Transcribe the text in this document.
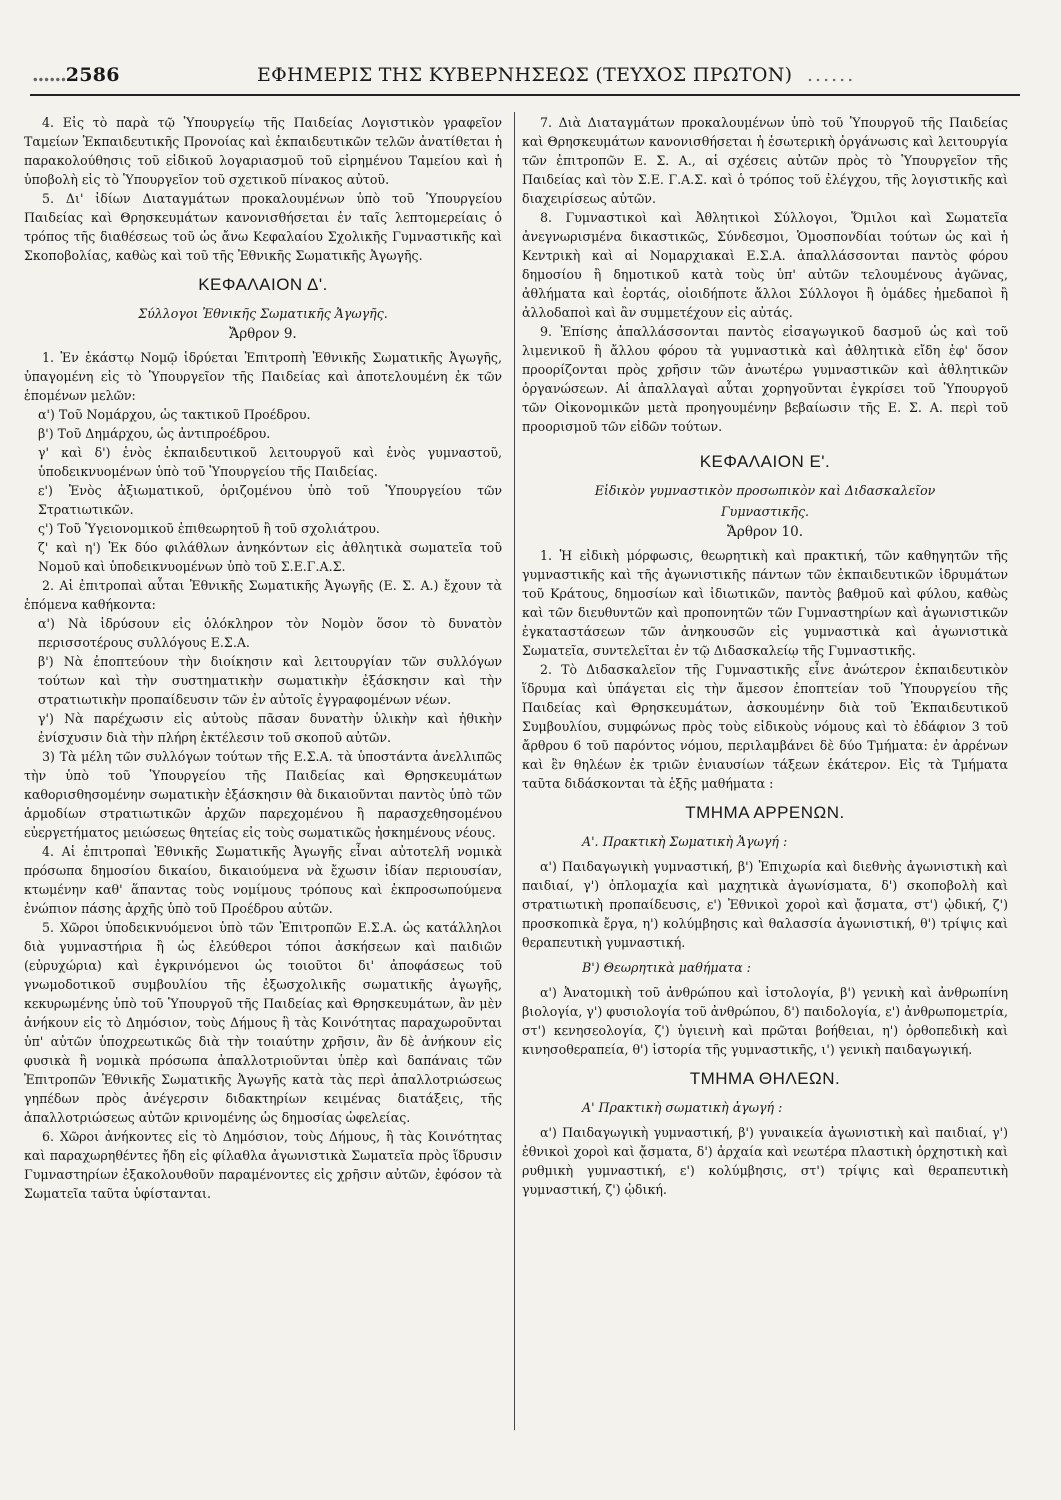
...... 2586	ΕΦΗΜΕΡΙΣ ΤΗΣ ΚΥΒΕΡΝΗΣΕΩΣ (ΤΕΥΧΟΣ ΠΡΩΤΟΝ) ......

4. Εἰς τὸ παρὰ τῷ Ὑπουργείῳ τῆς Παιδείας Λογιστικὸν γραφεῖον Ταμείων Ἐκπαιδευτικῆς Προνοίας καὶ ἐκπαιδευτικῶν τελῶν ἀνατίθεται ἡ παρακολούθησις τοῦ εἰδικοῦ λογαριασμοῦ τοῦ εἰρημένου Ταμείου καὶ ἡ ὑποβολὴ εἰς τὸ Ὑπουργεῖον τοῦ σχετικοῦ πίνακος αὐτοῦ.

5. Δι' ἰδίων Διαταγμάτων προκαλουμένων ὑπὸ τοῦ Ὑπουργείου Παιδείας καὶ Θρησκευμάτων κανονισθήσεται ἐν ταῖς λεπτομερείαις ὁ τρόπος τῆς διαθέσεως τοῦ ὡς ἄνω Κεφαλαίου Σχολικῆς Γυμναστικῆς καὶ Σκοποβολίας, καθὼς καὶ τοῦ τῆς Ἐθνικῆς Σωματικῆς Ἀγωγῆς.

ΚΕΦΑΛΑΙΟΝ Δ'.

Σύλλογοι Ἐθνικῆς Σωματικῆς Ἀγωγῆς.

Ἄρθρον 9.

1. Ἐν ἑκάστῳ Νομῷ ἱδρύεται Ἐπιτροπὴ Ἐθνικῆς Σωματικῆς Ἀγωγῆς, ὑπαγομένη εἰς τὸ Ὑπουργεῖον τῆς Παιδείας καὶ ἀποτελουμένη ἐκ τῶν ἑπομένων μελῶν:

α') Τοῦ Νομάρχου, ὡς τακτικοῦ Προέδρου.

β') Τοῦ Δημάρχου, ὡς ἀντιπροέδρου.

γ' καὶ δ') ἑνὸς ἐκπαιδευτικοῦ λειτουργοῦ καὶ ἑνὸς γυμναστοῦ, ὑποδεικνυομένων ὑπὸ τοῦ Ὑπουργείου τῆς Παιδείας.

ε') Ἑνὸς ἀξιωματικοῦ, ὁριζομένου ὑπὸ τοῦ Ὑπουργείου τῶν Στρατιωτικῶν.

ς') Τοῦ Ὑγειονομικοῦ ἐπιθεωρητοῦ ἢ τοῦ σχολιάτρου.

ζ' καὶ η') Ἐκ δύο φιλάθλων ἀνηκόντων εἰς ἀθλητικὰ σωματεῖα τοῦ Νομοῦ καὶ ὑποδεικνυομένων ὑπὸ τοῦ Σ.Ε.Γ.Α.Σ.

2. Αἱ ἐπιτροπαὶ αὗται Ἐθνικῆς Σωματικῆς Ἀγωγῆς (Ε. Σ. Α.) ἔχουν τὰ ἑπόμενα καθήκοντα:

α') Νὰ ἱδρύσουν εἰς ὁλόκληρον τὸν Νομὸν ὅσον τὸ δυνατὸν περισσοτέρους συλλόγους Ε.Σ.Α.

β') Νὰ ἐποπτεύουν τὴν διοίκησιν καὶ λειτουργίαν τῶν συλλόγων τούτων καὶ τὴν συστηματικὴν σωματικὴν ἐξάσκησιν καὶ τὴν στρατιωτικὴν προπαίδευσιν τῶν ἐν αὐτοῖς ἐγγραφομένων νέων.

γ') Νὰ παρέχωσιν εἰς αὐτοὺς πᾶσαν δυνατὴν ὑλικὴν καὶ ἠθικὴν ἐνίσχυσιν διὰ τὴν πλήρη ἐκτέλεσιν τοῦ σκοποῦ αὐτῶν.

3) Τὰ μέλη τῶν συλλόγων τούτων τῆς Ε.Σ.Α. τὰ ὑποστάντα ἀνελλιπῶς τὴν ὑπὸ τοῦ Ὑπουργείου τῆς Παιδείας καὶ Θρησκευμάτων καθορισθησομένην σωματικὴν ἐξάσκησιν θὰ δικαιοῦνται παντὸς ὑπὸ τῶν ἁρμοδίων στρατιωτικῶν ἀρχῶν παρεχομένου ἢ παρασχεθησομένου εὐεργετήματος μειώσεως θητείας εἰς τοὺς σωματικῶς ἠσκημένους νέους.

4. Αἱ ἐπιτροπαὶ Ἐθνικῆς Σωματικῆς Ἀγωγῆς εἶναι αὐτοτελῆ νομικὰ πρόσωπα δημοσίου δικαίου, δικαιούμενα νὰ ἔχωσιν ἰδίαν περιουσίαν, κτωμένην καθ' ἅπαντας τοὺς νομίμους τρόπους καὶ ἐκπροσωπούμενα ἐνώπιον πάσης ἀρχῆς ὑπὸ τοῦ Προέδρου αὐτῶν.

5. Χῶροι ὑποδεικνυόμενοι ὑπὸ τῶν Ἐπιτροπῶν Ε.Σ.Α. ὡς κατάλληλοι διὰ γυμναστήρια ἢ ὡς ἐλεύθεροι τόποι ἀσκήσεων καὶ παιδιῶν (εὐρυχώρια) καὶ ἐγκρινόμενοι ὡς τοιοῦτοι δι' ἀποφάσεως τοῦ γνωμοδοτικοῦ συμβουλίου τῆς ἐξωσχολικῆς σωματικῆς ἀγωγῆς, κεκυρωμένης ὑπὸ τοῦ Ὑπουργοῦ τῆς Παιδείας καὶ Θρησκευμάτων, ἂν μὲν ἀνήκουν εἰς τὸ Δημόσιον, τοὺς Δήμους ἢ τὰς Κοινότητας παραχωροῦνται ὑπ' αὐτῶν ὑποχρεωτικῶς διὰ τὴν τοιαύτην χρῆσιν, ἂν δὲ ἀνήκουν εἰς φυσικὰ ἢ νομικὰ πρόσωπα ἀπαλλοτριοῦνται ὑπὲρ καὶ δαπάναις τῶν Ἐπιτροπῶν Ἐθνικῆς Σωματικῆς Ἀγωγῆς κατὰ τὰς περὶ ἀπαλλοτριώσεως γηπέδων πρὸς ἀνέγερσιν διδακτηρίων κειμένας διατάξεις, τῆς ἀπαλλοτριώσεως αὐτῶν κρινομένης ὡς δημοσίας ὠφελείας.

6. Χῶροι ἀνήκοντες εἰς τὸ Δημόσιον, τοὺς Δήμους, ἢ τὰς Κοινότητας καὶ παραχωρηθέντες ἤδη εἰς φίλαθλα ἀγωνιστικὰ Σωματεῖα πρὸς ἵδρυσιν Γυμναστηρίων ἐξακολουθοῦν παραμένοντες εἰς χρῆσιν αὐτῶν, ἐφόσον τὰ Σωματεῖα ταῦτα ὑφίστανται.

7. Διὰ Διαταγμάτων προκαλουμένων ὑπὸ τοῦ Ὑπουργοῦ τῆς Παιδείας καὶ Θρησκευμάτων κανονισθήσεται ἡ ἐσωτερικὴ ὀργάνωσις καὶ λειτουργία τῶν ἐπιτροπῶν Ε. Σ. Α., αἱ σχέσεις αὐτῶν πρὸς τὸ Ὑπουργεῖον τῆς Παιδείας καὶ τὸν Σ.Ε. Γ.Α.Σ. καὶ ὁ τρόπος τοῦ ἐλέγχου, τῆς λογιστικῆς καὶ διαχειρίσεως αὐτῶν.

8. Γυμναστικοὶ καὶ Ἀθλητικοὶ Σύλλογοι, Ὅμιλοι καὶ Σωματεῖα ἀνεγνωρισμένα δικαστικῶς, Σύνδεσμοι, Ὁμοσπονδίαι τούτων ὡς καὶ ἡ Κεντρικὴ καὶ αἱ Νομαρχιακαὶ Ε.Σ.Α. ἀπαλλάσσονται παντὸς φόρου δημοσίου ἢ δημοτικοῦ κατὰ τοὺς ὑπ' αὐτῶν τελουμένους ἀγῶνας, ἀθλήματα καὶ ἑορτάς, οἱοιδήποτε ἄλλοι Σύλλογοι ἢ ὁμάδες ἠμεδαποὶ ἢ ἀλλοδαποὶ καὶ ἂν συμμετέχουν εἰς αὐτάς.

9. Ἐπίσης ἀπαλλάσσονται παντὸς εἰσαγωγικοῦ δασμοῦ ὡς καὶ τοῦ λιμενικοῦ ἢ ἄλλου φόρου τὰ γυμναστικὰ καὶ ἀθλητικὰ εἴδη ἐφ' ὅσον προορίζονται πρὸς χρῆσιν τῶν ἀνωτέρω γυμναστικῶν καὶ ἀθλητικῶν ὀργανώσεων. Αἱ ἀπαλλαγαὶ αὗται χορηγοῦνται ἐγκρίσει τοῦ Ὑπουργοῦ τῶν Οἰκονομικῶν μετὰ προηγουμένην βεβαίωσιν τῆς Ε. Σ. Α. περὶ τοῦ προορισμοῦ τῶν εἰδῶν τούτων.

ΚΕΦΑΛΑΙΟΝ Ε'.

Εἰδικὸν γυμναστικὸν προσωπικὸν καὶ Διδασκαλεῖον

Γυμναστικῆς.

Ἄρθρον 10.

1. Ἡ εἰδικὴ μόρφωσις, θεωρητικὴ καὶ πρακτική, τῶν καθηγητῶν τῆς γυμναστικῆς καὶ τῆς ἀγωνιστικῆς πάντων τῶν ἐκπαιδευτικῶν ἱδρυμάτων τοῦ Κράτους, δημοσίων καὶ ἰδιωτικῶν, παντὸς βαθμοῦ καὶ φύλου, καθὼς καὶ τῶν διευθυντῶν καὶ προπονητῶν τῶν Γυμναστηρίων καὶ ἀγωνιστικῶν ἐγκαταστάσεων τῶν ἀνηκουσῶν εἰς γυμναστικὰ καὶ ἀγωνιστικὰ Σωματεῖα, συντελεῖται ἐν τῷ Διδασκαλείῳ τῆς Γυμναστικῆς.

2. Τὸ Διδασκαλεῖον τῆς Γυμναστικῆς εἶνε ἀνώτερον ἐκπαιδευτικὸν ἵδρυμα καὶ ὑπάγεται εἰς τὴν ἄμεσον ἐποπτείαν τοῦ Ὑπουργείου τῆς Παιδείας καὶ Θρησκευμάτων, ἀσκουμένην διὰ τοῦ Ἐκπαιδευτικοῦ Συμβουλίου, συμφώνως πρὸς τοὺς εἰδικοὺς νόμους καὶ τὸ ἐδάφιον 3 τοῦ ἄρθρου 6 τοῦ παρόντος νόμου, περιλαμβάνει δὲ δύο Τμήματα: ἐν ἀρρένων καὶ ἓν θηλέων ἐκ τριῶν ἐνιαυσίων τάξεων ἑκάτερον. Εἰς τὰ Τμήματα ταῦτα διδάσκονται τὰ ἑξῆς μαθήματα :

ΤΜΗΜΑ ΑΡΡΕΝΩΝ.

Α'. Πρακτικὴ Σωματικὴ Ἀγωγή :

α') Παιδαγωγικὴ γυμναστική, β') Ἐπιχωρία καὶ διεθνὴς ἀγωνιστικὴ καὶ παιδιαί, γ') ὁπλομαχία καὶ μαχητικὰ ἀγωνίσματα, δ') σκοποβολὴ καὶ στρατιωτικὴ προπαίδευσις, ε') Ἐθνικοὶ χοροὶ καὶ ᾄσματα, στ') ᾠδική, ζ') προσκοπικὰ ἔργα, η') κολύμβησις καὶ θαλασσία ἀγωνιστική, θ') τρίψις καὶ θεραπευτικὴ γυμναστική.

Β') Θεωρητικὰ μαθήματα :

α') Ἀνατομικὴ τοῦ ἀνθρώπου καὶ ἱστολογία, β') γενικὴ καὶ ἀνθρωπίνη βιολογία, γ') φυσιολογία τοῦ ἀνθρώπου, δ') παιδολογία, ε') ἀνθρωπομετρία, στ') κενησεολογία, ζ') ὑγιεινὴ καὶ πρῶται βοήθειαι, η') ὀρθοπεδικὴ καὶ κινησοθεραπεία, θ') ἱστορία τῆς γυμναστικῆς, ι') γενικὴ παιδαγωγική.

ΤΜΗΜΑ ΘΗΛΕΩΝ.

Α' Πρακτικὴ σωματικὴ ἀγωγή :

α') Παιδαγωγικὴ γυμναστική, β') γυναικεία ἀγωνιστικὴ καὶ παιδιαί, γ') ἐθνικοὶ χοροὶ καὶ ᾄσματα, δ') ἀρχαία καὶ νεωτέρα πλαστικὴ ὀρχηστικὴ καὶ ρυθμικὴ γυμναστική, ε') κολύμβησις, στ') τρίψις καὶ θεραπευτικὴ γυμναστική, ζ') ᾠδική.
